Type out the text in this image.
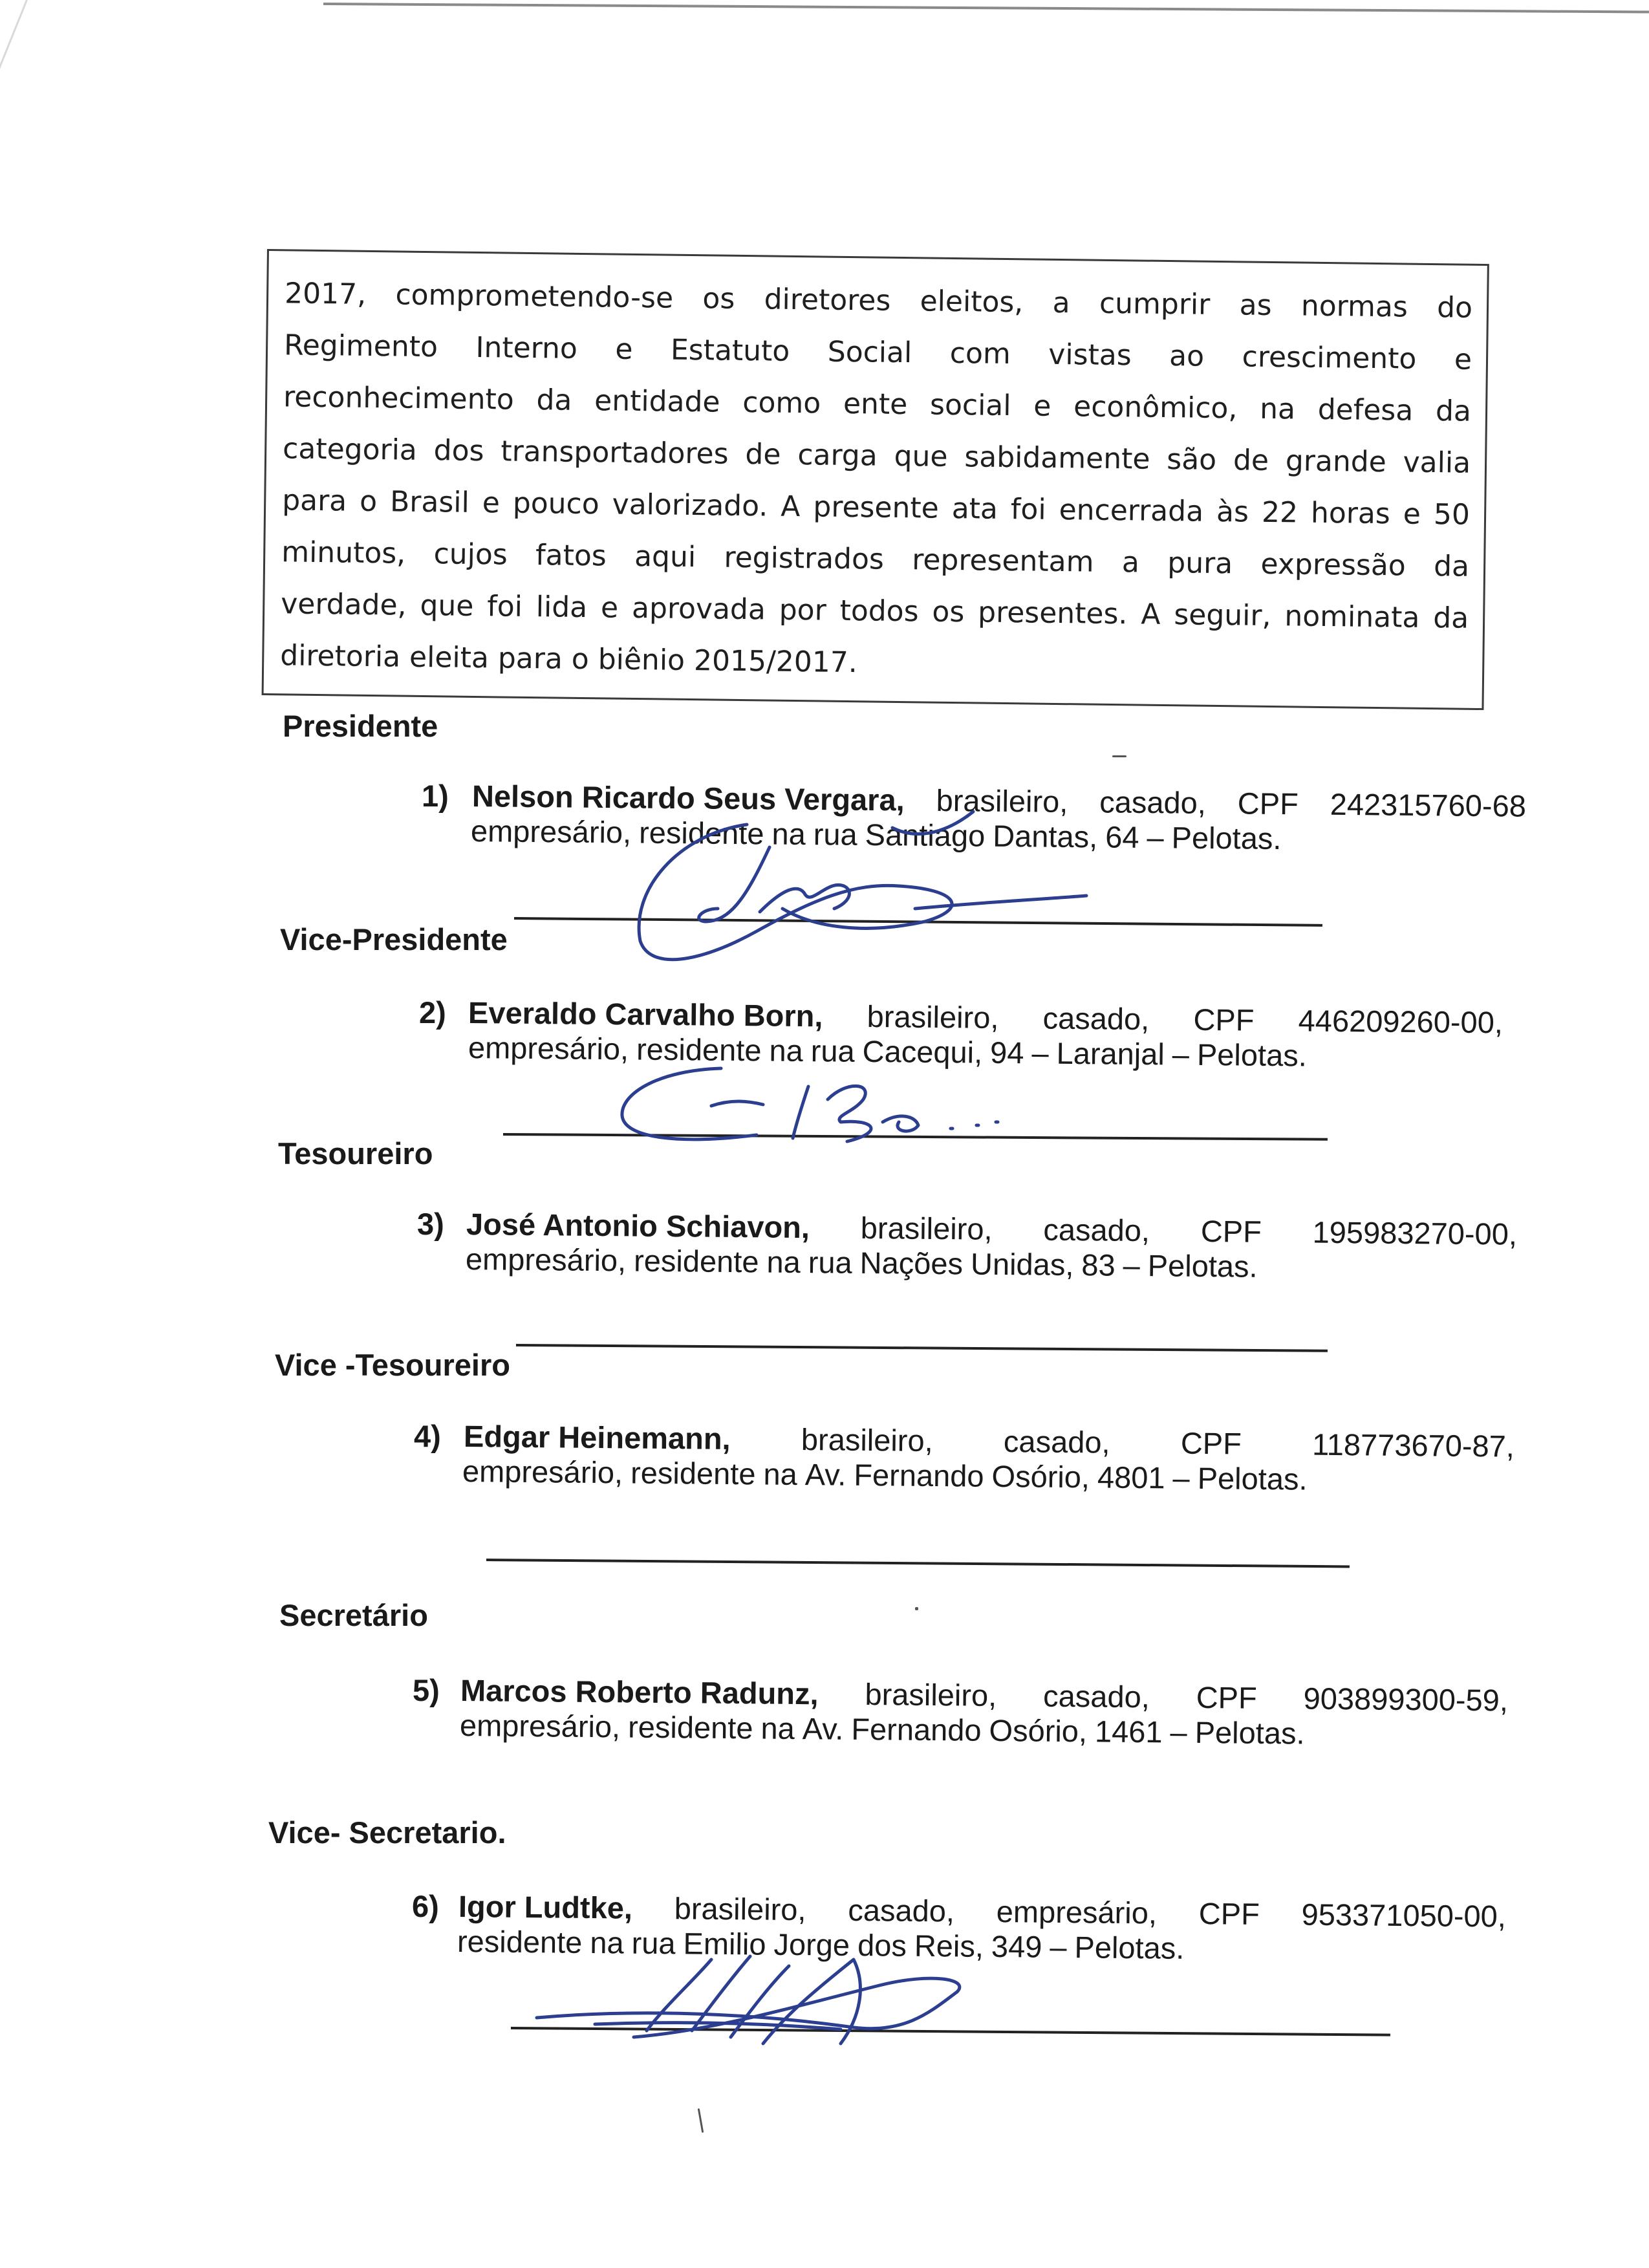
2017, comprometendo-se os diretores eleitos, a cumprir as normas do
Regimento Interno e Estatuto Social com vistas ao crescimento e
reconhecimento da entidade como ente social e econômico, na defesa da
categoria dos transportadores de carga que sabidamente são de grande valia
para o Brasil e pouco valorizado. A presente ata foi encerrada às 22 horas e 50
minutos, cujos fatos aqui registrados representam a pura expressão da
verdade, que foi lida e aprovada por todos os presentes. A seguir, nominata da
diretoria eleita para o biênio 2015/2017.
Presidente
1) Nelson Ricardo Seus Vergara, brasileiro, casado, CPF 242315760-68
empresário, residente na rua Santiago Dantas, 64 – Pelotas.
Vice-Presidente
2) Everaldo Carvalho Born, brasileiro, casado, CPF 446209260-00,
empresário, residente na rua Cacequi, 94 – Laranjal – Pelotas.
Tesoureiro
3) José Antonio Schiavon, brasileiro, casado, CPF 195983270-00,
empresário, residente na rua Nações Unidas, 83 – Pelotas.
Vice -Tesoureiro
4) Edgar Heinemann, brasileiro, casado, CPF 118773670-87,
empresário, residente na Av. Fernando Osório, 4801 – Pelotas.
Secretário
5) Marcos Roberto Radunz, brasileiro, casado, CPF 903899300-59,
empresário, residente na Av. Fernando Osório, 1461 – Pelotas.
Vice- Secretario.
6) Igor Ludtke, brasileiro, casado, empresário, CPF 953371050-00,
residente na rua Emilio Jorge dos Reis, 349 – Pelotas.
